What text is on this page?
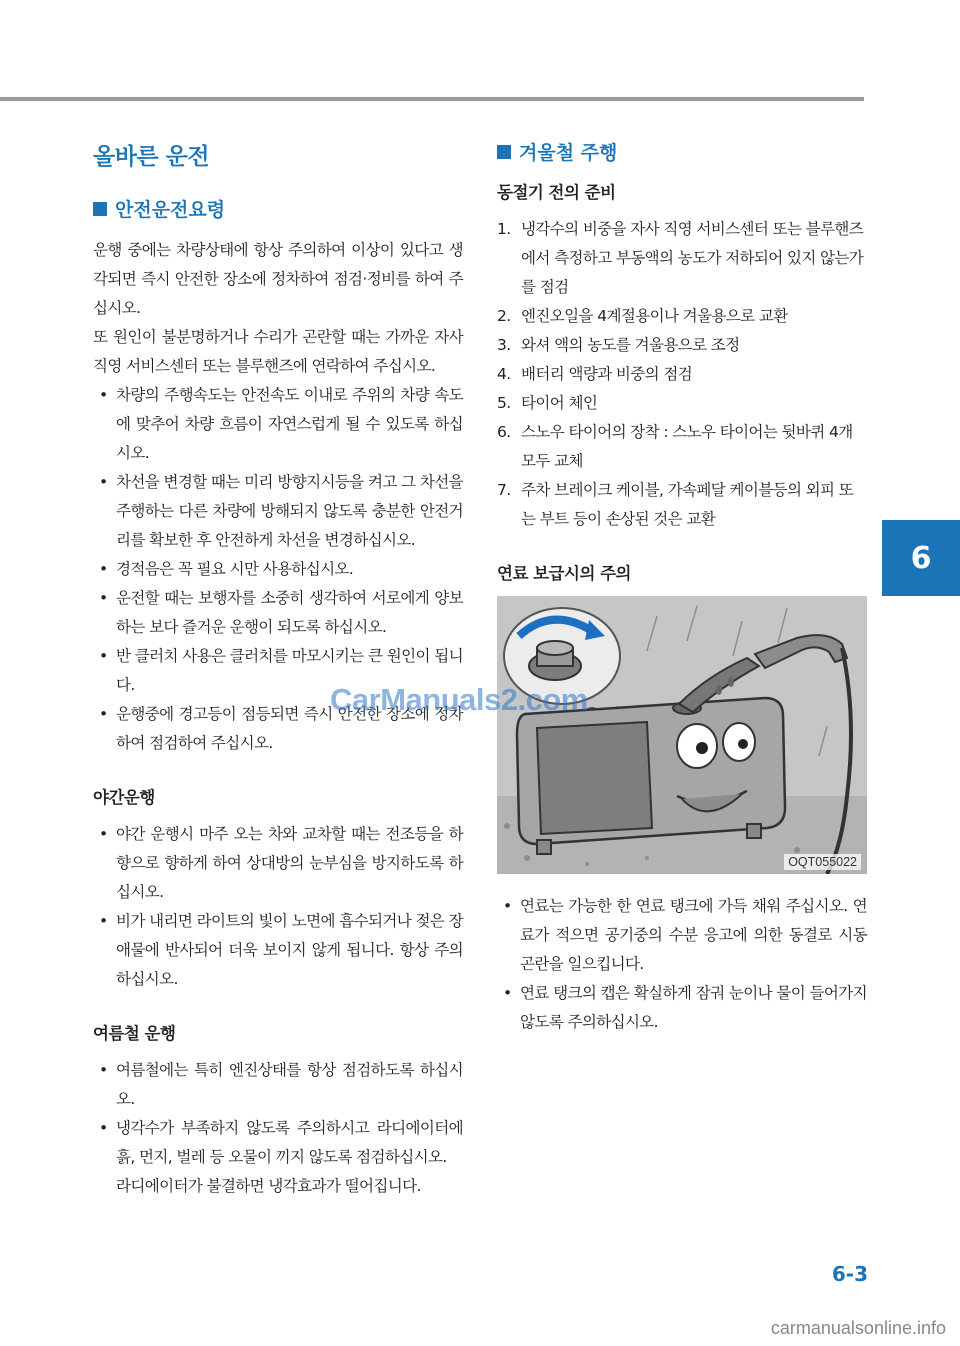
6
올바른 운전
안전운전요령

운행 중에는 차량상태에 항상 주의하여 이상이 있다고 생각되면 즉시 안전한 장소에 정차하여 점검·정비를 하여 주십시오.

또 원인이 불분명하거나 수리가 곤란할 때는 가까운 자사 직영 서비스센터 또는 블루핸즈에 연락하여 주십시오.

• 차량의 주행속도는 안전속도 이내로 주위의 차량 속도에 맞추어 차량 흐름이 자연스럽게 될 수 있도록 하십시오.
• 차선을 변경할 때는 미리 방향지시등을 켜고 그 차선을 주행하는 다른 차량에 방해되지 않도록 충분한 안전거리를 확보한 후 안전하게 차선을 변경하십시오.
• 경적음은 꼭 필요 시만 사용하십시오.
• 운전할 때는 보행자를 소중히 생각하여 서로에게 양보하는 보다 즐거운 운행이 되도록 하십시오.
• 반 클러치 사용은 클러치를 마모시키는 큰 원인이 됩니다.
• 운행중에 경고등이 점등되면 즉시 안전한 장소에 정차하여 점검하여 주십시오.
야간운행
• 야간 운행시 마주 오는 차와 교차할 때는 전조등을 하향으로 향하게 하여 상대방의 눈부심을 방지하도록 하십시오.
• 비가 내리면 라이트의 빛이 노면에 흡수되거나 젖은 장애물에 반사되어 더욱 보이지 않게 됩니다. 항상 주의하십시오.
여름철 운행
• 여름철에는 특히 엔진상태를 항상 점검하도록 하십시오.
• 냉각수가 부족하지 않도록 주의하시고 라디에이터에 흙, 먼지, 벌레 등 오물이 끼지 않도록 점검하십시오.
라디에이터가 불결하면 냉각효과가 떨어집니다.
겨울철 주행
동절기 전의 준비
1. 냉각수의 비중을 자사 직영 서비스센터 또는 블루핸즈에서 측정하고 부동액의 농도가 저하되어 있지 않는가를 점검
2. 엔진오일을 4계절용이나 겨울용으로 교환
3. 와셔 액의 농도를 겨울용으로 조정
4. 배터리 액량과 비중의 점검
5. 타이어 체인
6. 스노우 타이어의 장착 : 스노우 타이어는 뒷바퀴 4개 모두 교체
7. 주차 브레이크 케이블, 가속페달 케이블등의 외피 또는 부트 등이 손상된 것은 교환
연료 보급시의 주의
OQT055022
• 연료는 가능한 한 연료 탱크에 가득 채워 주십시오. 연료가 적으면 공기중의 수분 응고에 의한 동결로 시동 곤란을 일으킵니다.
• 연료 탱크의 캡은 확실하게 잠궈 눈이나 물이 들어가지 않도록 주의하십시오.
CarManuals2.com
6-3
carmanualsonline.info
